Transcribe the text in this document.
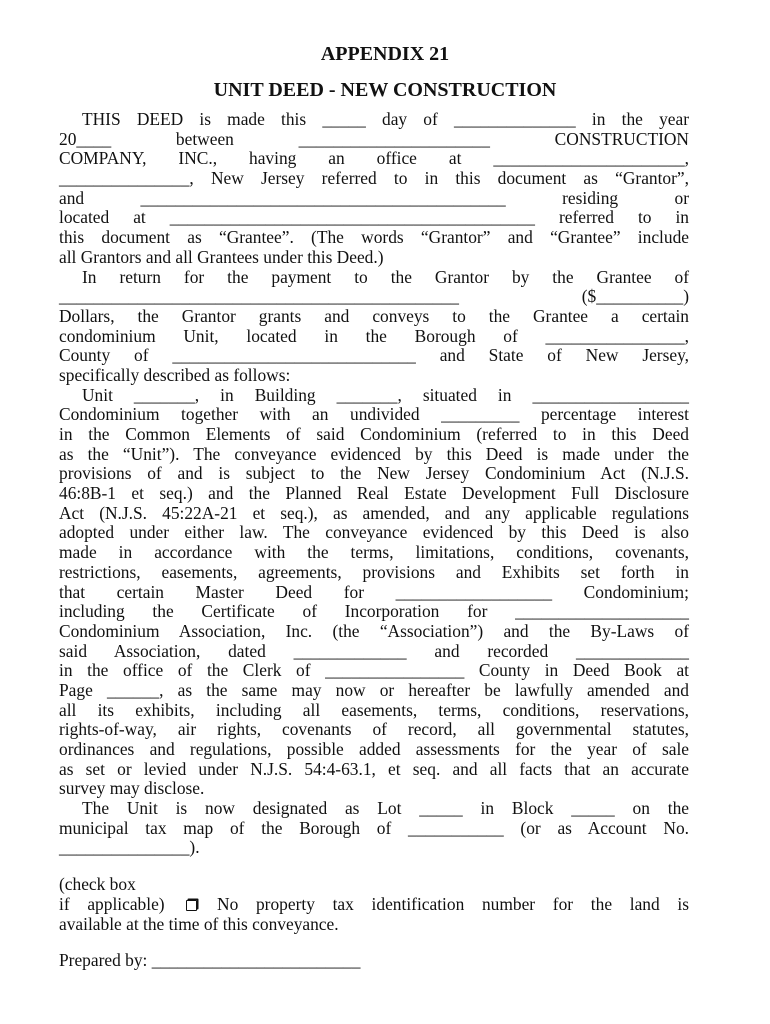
APPENDIX 21
UNIT DEED - NEW CONSTRUCTION
THIS DEED is made this _____ day of ______________ in the year
20____ between ______________________ CONSTRUCTION
COMPANY, INC., having an office at ______________________,
_______________, New Jersey referred to in this document as “Grantor”,
and __________________________________________ residing or
located at __________________________________________ referred to in
this document as “Grantee”. (The words “Grantor” and “Grantee” include
all Grantors and all Grantees under this Deed.)
In return for the payment to the Grantor by the Grantee of
______________________________________________ ($__________)
Dollars, the Grantor grants and conveys to the Grantee a certain
condominium Unit, located in the Borough of ________________,
County of ____________________________ and State of New Jersey,
specifically described as follows:
Unit _______, in Building _______, situated in __________________
Condominium together with an undivided _________ percentage interest
in the Common Elements of said Condominium (referred to in this Deed
as the “Unit”). The conveyance evidenced by this Deed is made under the
provisions of and is subject to the New Jersey Condominium Act (N.J.S.
46:8B-1 et seq.) and the Planned Real Estate Development Full Disclosure
Act (N.J.S. 45:22A-21 et seq.), as amended, and any applicable regulations
adopted under either law. The conveyance evidenced by this Deed is also
made in accordance with the terms, limitations, conditions, covenants,
restrictions, easements, agreements, provisions and Exhibits set forth in
that certain Master Deed for __________________ Condominium;
including the Certificate of Incorporation for ____________________
Condominium Association, Inc. (the “Association”) and the By-Laws of
said Association, dated _____________ and recorded _____________
in the office of the Clerk of ________________ County in Deed Book at
Page ______, as the same may now or hereafter be lawfully amended and
all its exhibits, including all easements, terms, conditions, reservations,
rights-of-way, air rights, covenants of record, all governmental statutes,
ordinances and regulations, possible added assessments for the year of sale
as set or levied under N.J.S. 54:4-63.1, et seq. and all facts that an accurate
survey may disclose.
The Unit is now designated as Lot _____ in Block _____ on the
municipal tax map of the Borough of ___________ (or as Account No.
_______________).
(check box
if applicable)	No property tax identification number for the land is
available at the time of this conveyance.
Prepared by: ________________________
